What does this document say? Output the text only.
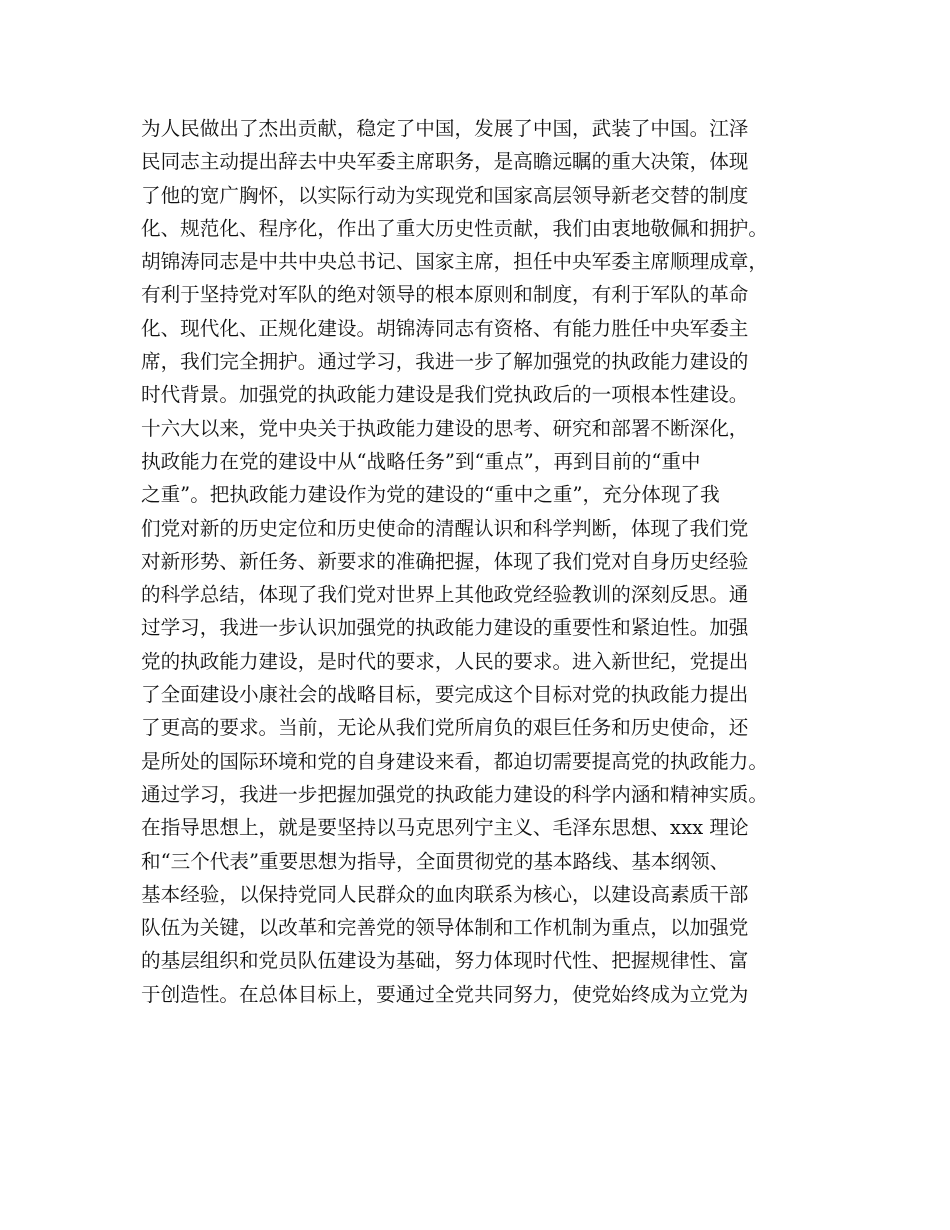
为人民做出了杰出贡献，稳定了中国，发展了中国，武装了中国。江泽
民同志主动提出辞去中央军委主席职务，是高瞻远瞩的重大决策，体现
了他的宽广胸怀，以实际行动为实现党和国家高层领导新老交替的制度
化、规范化、程序化，作出了重大历史性贡献，我们由衷地敬佩和拥护。
胡锦涛同志是中共中央总书记、国家主席，担任中央军委主席顺理成章，
有利于坚持党对军队的绝对领导的根本原则和制度，有利于军队的革命
化、现代化、正规化建设。胡锦涛同志有资格、有能力胜任中央军委主
席，我们完全拥护。通过学习，我进一步了解加强党的执政能力建设的
时代背景。加强党的执政能力建设是我们党执政后的一项根本性建设。
十六大以来，党中央关于执政能力建设的思考、研究和部署不断深化，
执政能力在党的建设中从“战略任务”到“重点”，再到目前的“重中
之重”。把执政能力建设作为党的建设的“重中之重”，充分体现了我
们党对新的历史定位和历史使命的清醒认识和科学判断，体现了我们党
对新形势、新任务、新要求的准确把握，体现了我们党对自身历史经验
的科学总结，体现了我们党对世界上其他政党经验教训的深刻反思。通
过学习，我进一步认识加强党的执政能力建设的重要性和紧迫性。加强
党的执政能力建设，是时代的要求，人民的要求。进入新世纪，党提出
了全面建设小康社会的战略目标，要完成这个目标对党的执政能力提出
了更高的要求。当前，无论从我们党所肩负的艰巨任务和历史使命，还
是所处的国际环境和党的自身建设来看，都迫切需要提高党的执政能力。
通过学习，我进一步把握加强党的执政能力建设的科学内涵和精神实质。
在指导思想上，就是要坚持以马克思列宁主义、毛泽东思想、xxx 理论
和“三个代表”重要思想为指导，全面贯彻党的基本路线、基本纲领、
基本经验，以保持党同人民群众的血肉联系为核心，以建设高素质干部
队伍为关键，以改革和完善党的领导体制和工作机制为重点，以加强党
的基层组织和党员队伍建设为基础，努力体现时代性、把握规律性、富
于创造性。在总体目标上，要通过全党共同努力，使党始终成为立党为
